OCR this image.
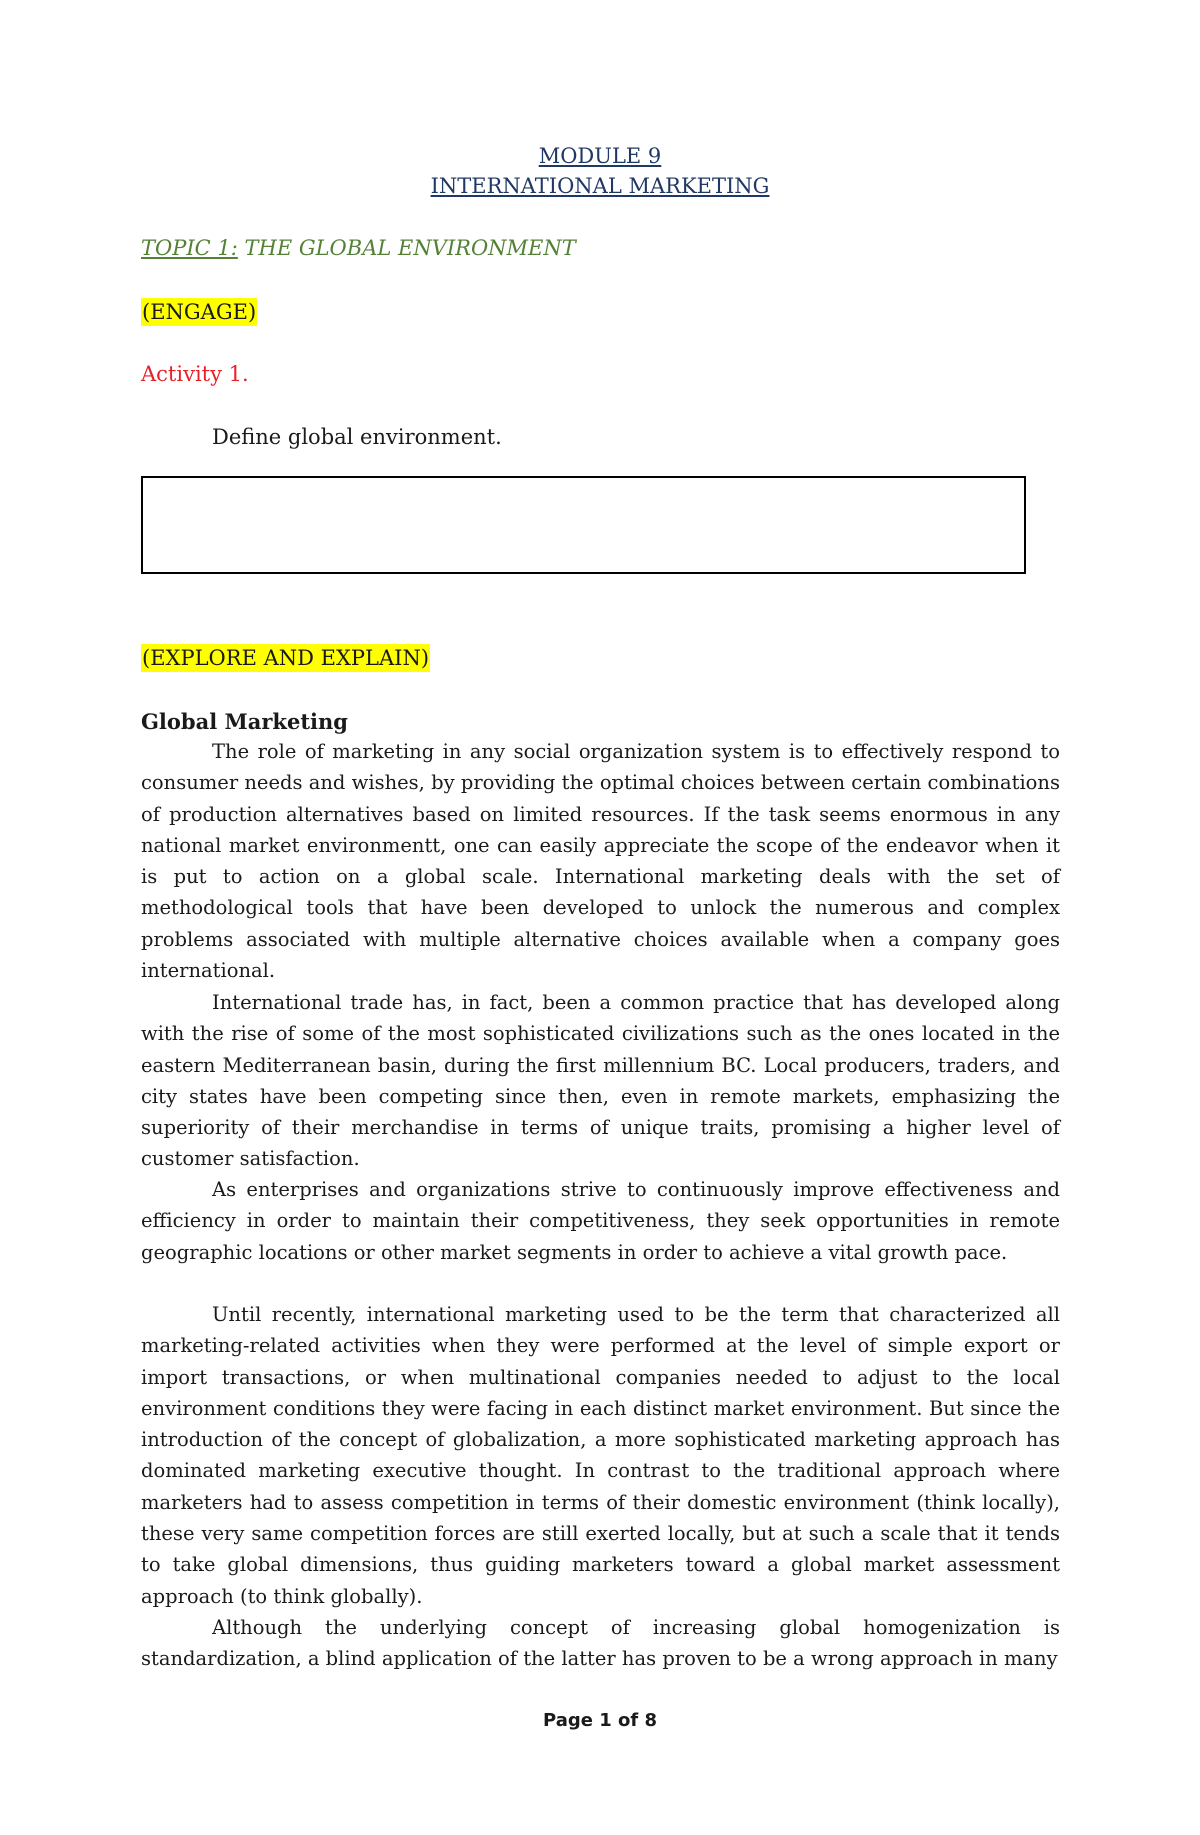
MODULE 9
INTERNATIONAL MARKETING
TOPIC 1: THE GLOBAL ENVIRONMENT
(ENGAGE)
Activity 1.
Define global environment.
(EXPLORE AND EXPLAIN)
Global Marketing

The role of marketing in any social organization system is to effectively respond to consumer needs and wishes, by providing the optimal choices between certain combinations of production alternatives based on limited resources. If the task seems enormous in any national market environmentt, one can easily appreciate the scope of the endeavor when it is put to action on a global scale. International marketing deals with the set of methodological tools that have been developed to unlock the numerous and complex problems associated with multiple alternative choices available when a company goes international.

International trade has, in fact, been a common practice that has developed along with the rise of some of the most sophisticated civilizations such as the ones located in the eastern Mediterranean basin, during the first millennium BC. Local producers, traders, and city states have been competing since then, even in remote markets, emphasizing the superiority of their merchandise in terms of unique traits, promising a higher level of customer satisfaction.

As enterprises and organizations strive to continuously improve effectiveness and efficiency in order to maintain their competitiveness, they seek opportunities in remote geographic locations or other market segments in order to achieve a vital growth pace.

Until recently, international marketing used to be the term that characterized all marketing-related activities when they were performed at the level of simple export or import transactions, or when multinational companies needed to adjust to the local environment conditions they were facing in each distinct market environment. But since the introduction of the concept of globalization, a more sophisticated marketing approach has dominated marketing executive thought. In contrast to the traditional approach where marketers had to assess competition in terms of their domestic environment (think locally), these very same competition forces are still exerted locally, but at such a scale that it tends to take global dimensions, thus guiding marketers toward a global market assessment approach (to think globally).

Although the underlying concept of increasing global homogenization is standardization, a blind application of the latter has proven to be a wrong approach in many

Page 1 of 8
